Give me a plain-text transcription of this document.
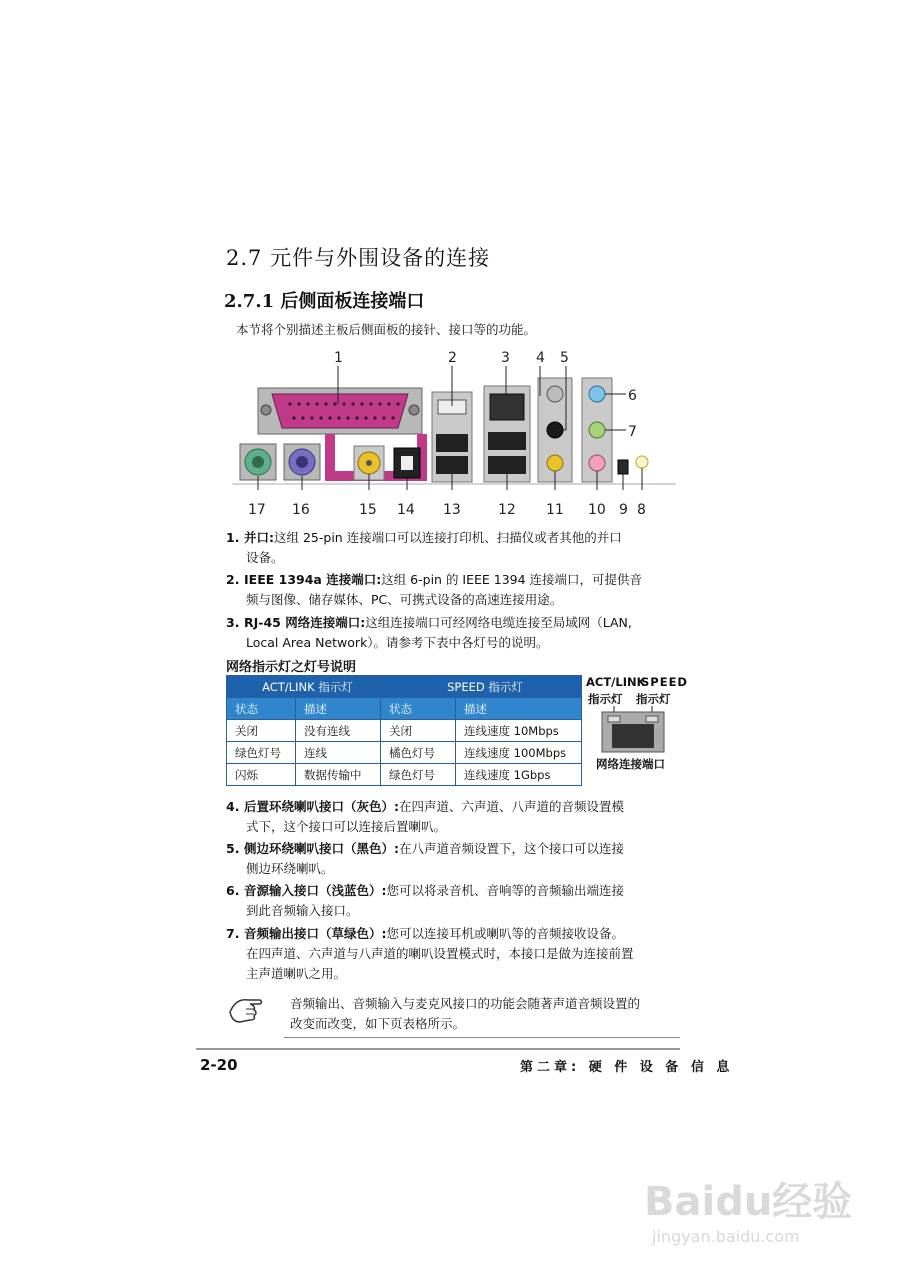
2.7 元件与外围设备的连接
2.7.1 后侧面板连接端口
本节将个别描述主板后侧面板的接针、接口等的功能。
1	2	3 4 5
6
7
17 16	15 14 13	12 11 10 9 8
1. 并口:这组 25-pin 连接端口可以连接打印机、扫描仪或者其他的并口
设备。
2. IEEE 1394a 连接端口:这组 6-pin 的 IEEE 1394 连接端口，可提供音
频与图像、储存媒体、PC、可携式设备的高速连接用途。
3. RJ-45 网络连接端口:这组连接端口可经网络电缆连接至局域网（LAN,
Local Area Network）。请参考下表中各灯号的说明。
网络指示灯之灯号说明
ACT/LINK 指示灯		SPEED 指示灯	
状态	描述	状态	描述
关闭	没有连线	关闭	连线速度 10Mbps
绿色灯号	连线	橘色灯号	连线速度 100Mbps
闪烁	数据传输中	绿色灯号	连线速度 1Gbps
ACT/LINK
SPEED
指示灯 指示灯
网络连接端口
4. 后置环绕喇叭接口（灰色）:在四声道、六声道、八声道的音频设置模
式下，这个接口可以连接后置喇叭。
5. 侧边环绕喇叭接口（黑色）:在八声道音频设置下，这个接口可以连接
侧边环绕喇叭。
6. 音源输入接口（浅蓝色）:您可以将录音机、音响等的音频输出端连接
到此音频输入接口。
7. 音频输出接口（草绿色）:您可以连接耳机或喇叭等的音频接收设备。
在四声道、六声道与八声道的喇叭设置模式时，本接口是做为连接前置
主声道喇叭之用。
音频输出、音频输入与麦克风接口的功能会随著声道音频设置的
改变而改变，如下页表格所示。
2-20	第二章: 硬 件 设 备 信 息
Baidu经验
jingyan.baidu.com
